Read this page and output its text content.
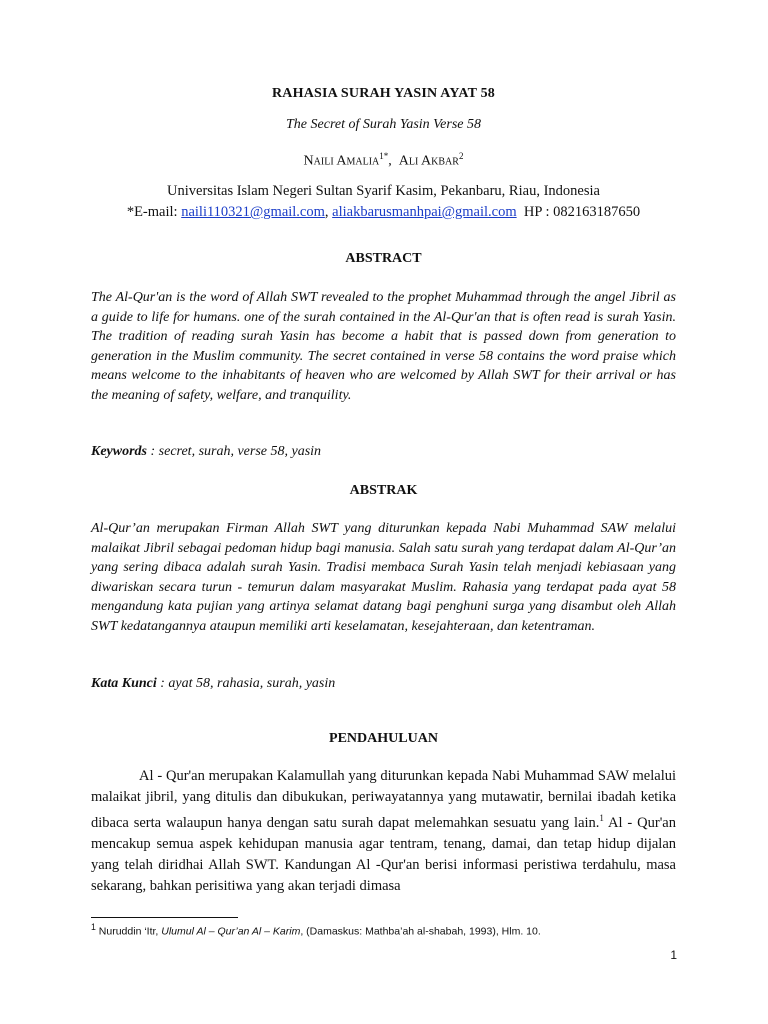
RAHASIA SURAH YASIN AYAT 58
The Secret of Surah Yasin Verse 58
Naili Amalia$^{1*}$, Ali Akbar$^2$
Universitas Islam Negeri Sultan Syarif Kasim, Pekanbaru, Riau, Indonesia
*E-mail: naili110321@gmail.com, aliakbarusmanhpai@gmail.com HP : 082163187650
ABSTRACT

The Al-Qur'an is the word of Allah SWT revealed to the prophet Muhammad through the angel Jibril as a guide to life for humans. one of the surah contained in the Al-Qur'an that is often read is surah Yasin. The tradition of reading surah Yasin has become a habit that is passed down from generation to generation in the Muslim community. The secret contained in verse 58 contains the word praise which means welcome to the inhabitants of heaven who are welcomed by Allah SWT for their arrival or has the meaning of safety, welfare, and tranquility.

Keywords : secret, surah, verse 58, yasin
ABSTRAK

Al-Qur’an merupakan Firman Allah SWT yang diturunkan kepada Nabi Muhammad SAW melalui malaikat Jibril sebagai pedoman hidup bagi manusia. Salah satu surah yang terdapat dalam Al-Qur’an yang sering dibaca adalah surah Yasin. Tradisi membaca Surah Yasin telah menjadi kebiasaan yang diwariskan secara turun - temurun dalam masyarakat Muslim. Rahasia yang terdapat pada ayat 58 mengandung kata pujian yang artinya selamat datang bagi penghuni surga yang disambut oleh Allah SWT kedatangannya ataupun memiliki arti keselamatan, kesejahteraan, dan ketentraman.

Kata Kunci : ayat 58, rahasia, surah, yasin
PENDAHULUAN

Al - Qur'an merupakan Kalamullah yang diturunkan kepada Nabi Muhammad SAW melalui malaikat jibril, yang ditulis dan dibukukan, periwayatannya yang mutawatir, bernilai ibadah ketika dibaca serta walaupun hanya dengan satu surah dapat melemahkan sesuatu yang lain.$^1$ Al - Qur'an mencakup semua aspek kehidupan manusia agar tentram, tenang, damai, dan tetap hidup dijalan yang telah diridhai Allah SWT. Kandungan Al -Qur'an berisi informasi peristiwa terdahulu, masa sekarang, bahkan perisitiwa yang akan terjadi dimasa

$^1$ Nuruddin ‘Itr, Ulumul Al – Qur’an Al – Karim, (Damaskus: Mathba’ah al-shabah, 1993), Hlm. 10.
1
